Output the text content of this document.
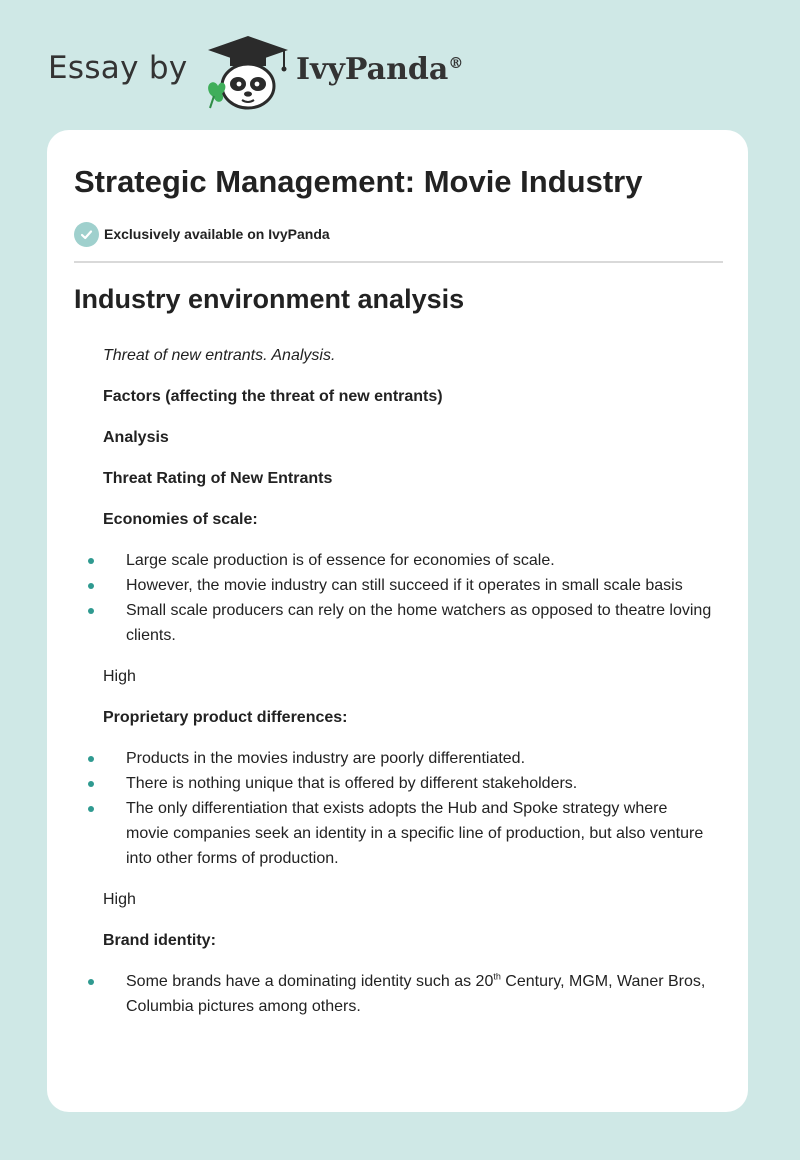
Essay by	IvyPanda®
Strategic Management: Movie Industry
Exclusively available on IvyPanda
Industry environment analysis

Threat of new entrants. Analysis.

Factors (affecting the threat of new entrants)

Analysis

Threat Rating of New Entrants

Economies of scale:

Large scale production is of essence for economies of scale.
However, the movie industry can still succeed if it operates in small scale basis
Small scale producers can rely on the home watchers as opposed to theatre loving clients.

High

Proprietary product differences:

Products in the movies industry are poorly differentiated.
There is nothing unique that is offered by different stakeholders.
The only differentiation that exists adopts the Hub and Spoke strategy where movie companies seek an identity in a specific line of production, but also venture into other forms of production.

High

Brand identity:

Some brands have a dominating identity such as 20th Century, MGM, Waner Bros, Columbia pictures among others.
